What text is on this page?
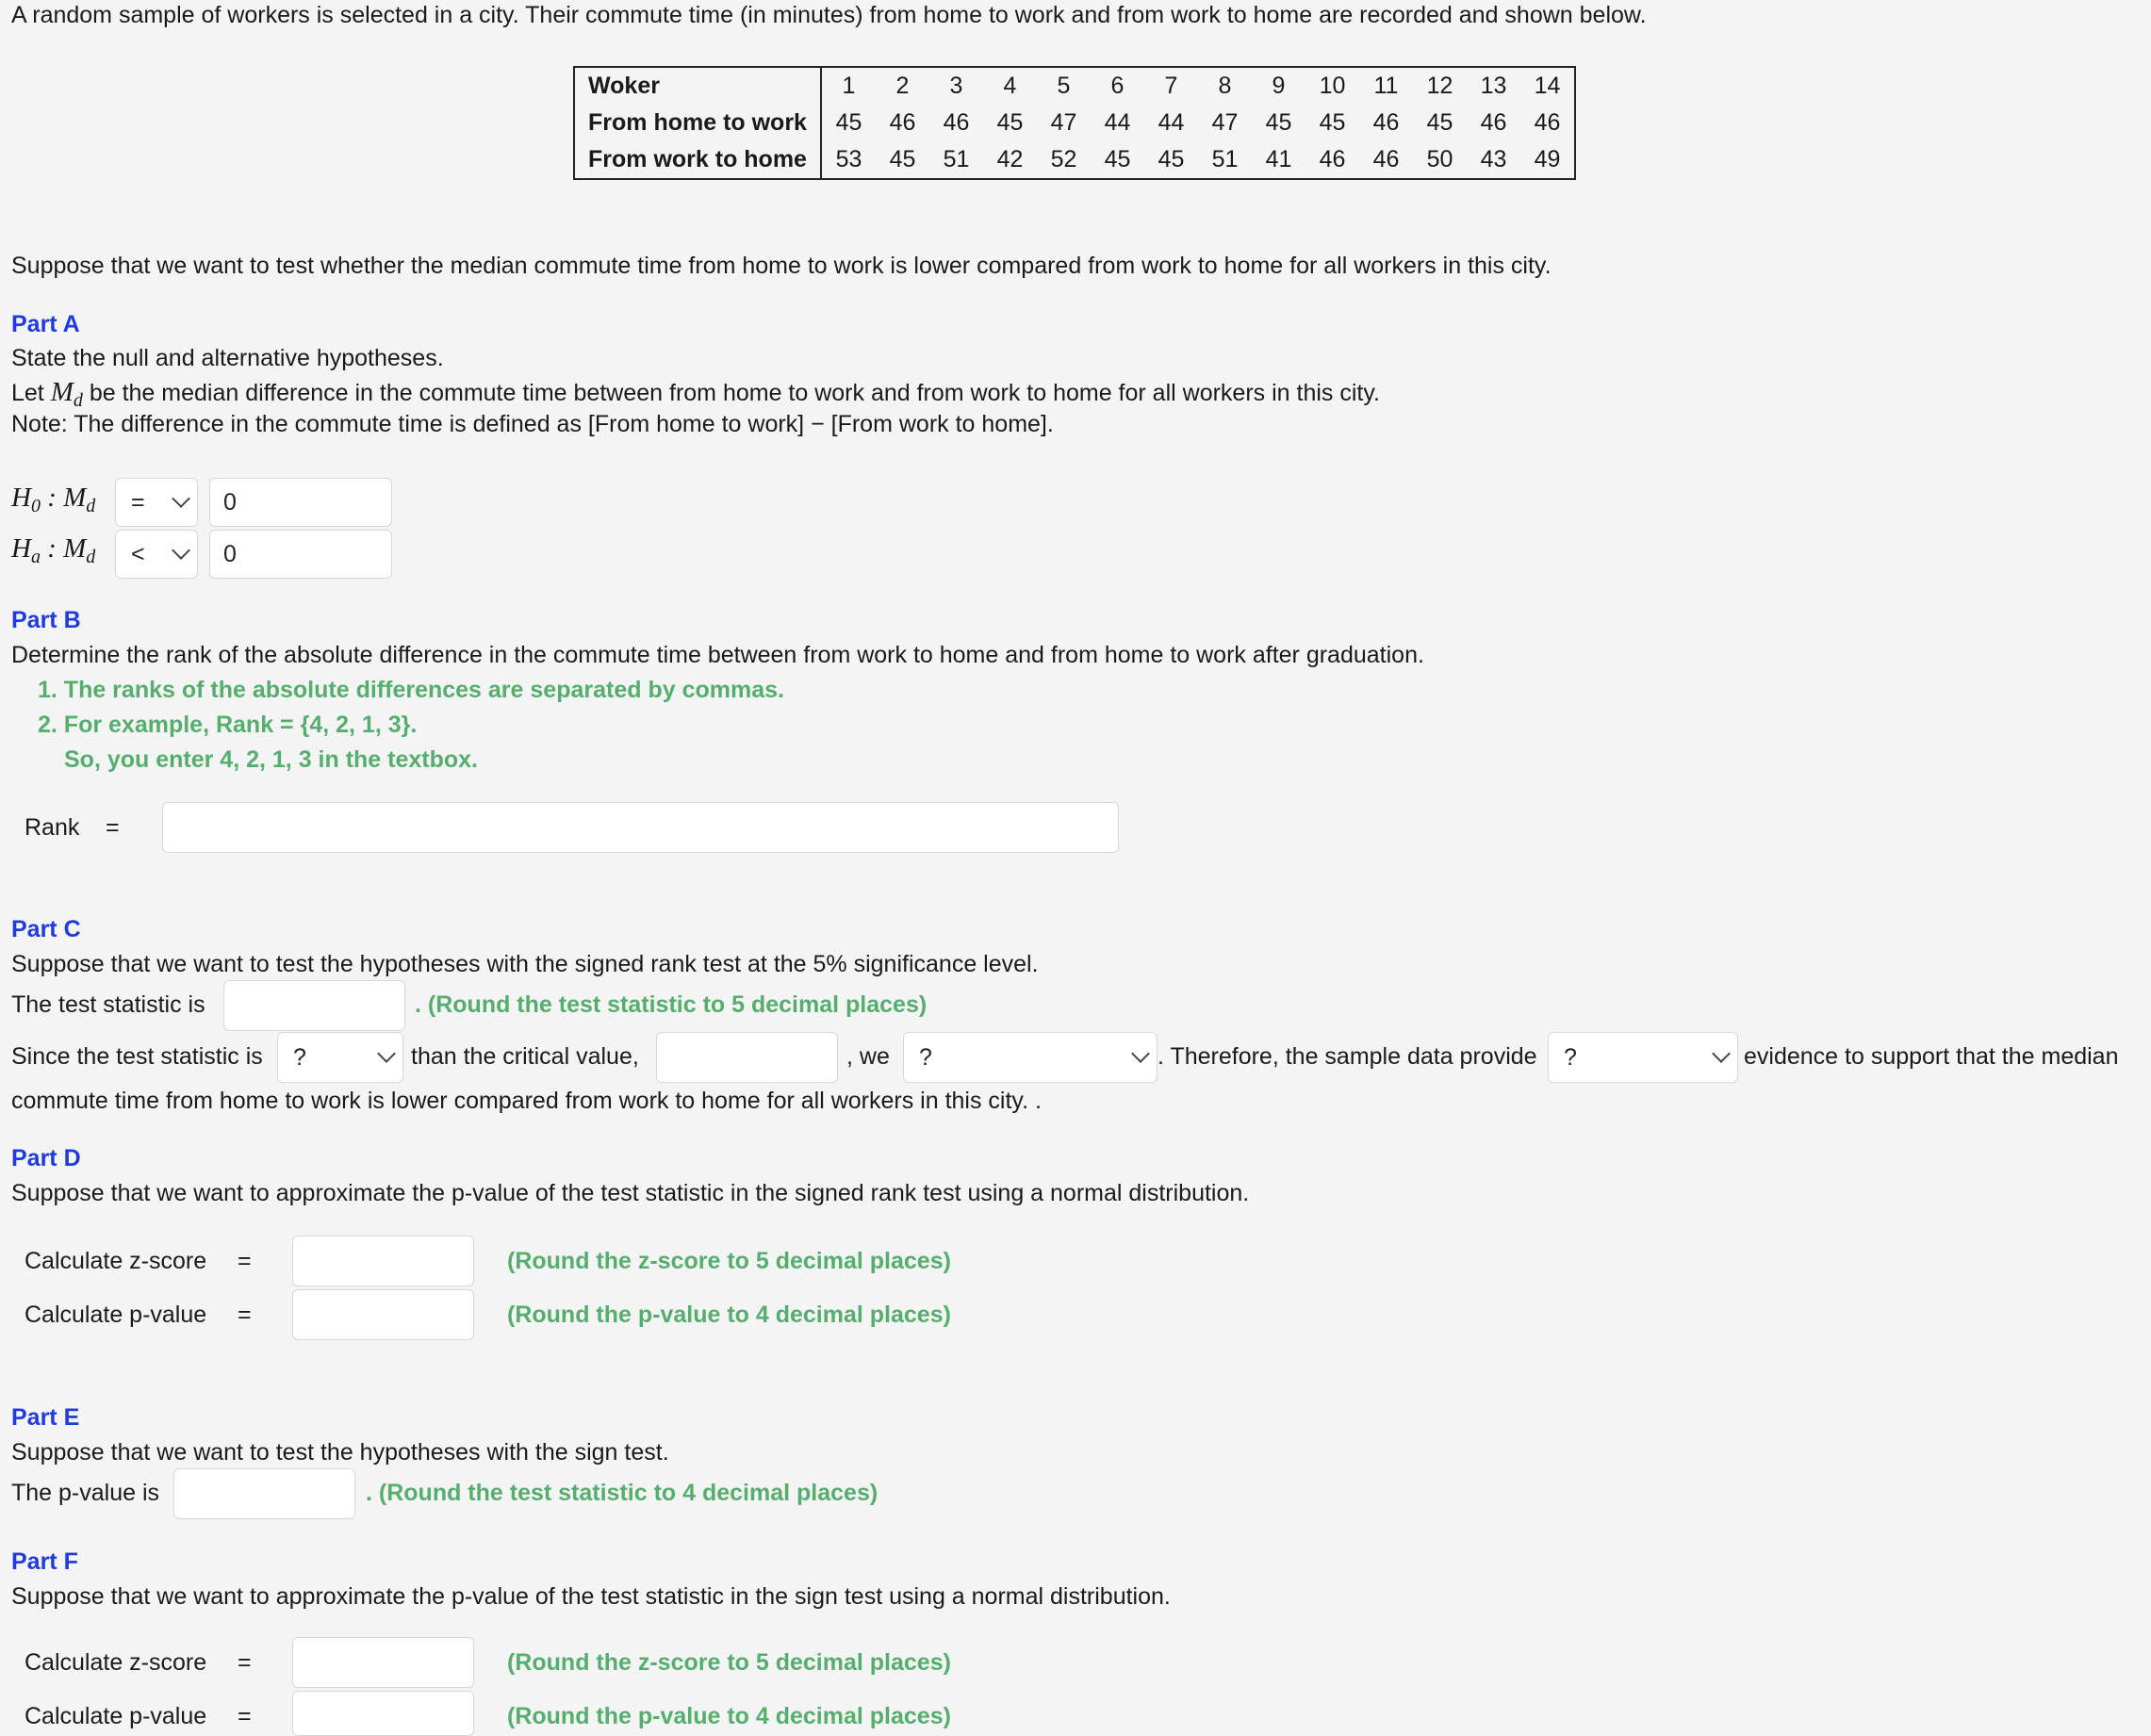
A random sample of workers is selected in a city. Their commute time (in minutes) from home to work and from work to home are recorded and shown below.
Woker	1	2	3	4	5	6	7	8	9	10	11	12	13	14
From home to work	45	46	46	45	47	44	44	47	45	45	46	45	46	46
From work to home	53	45	51	42	52	45	45	51	41	46	46	50	43	49
Suppose that we want to test whether the median commute time from home to work is lower compared from work to home for all workers in this city.
Part A
State the null and alternative hypotheses.
Let $M_d$ be the median difference in the commute time between from home to work and from work to home for all workers in this city.
Note: The difference in the commute time is defined as [From home to work] − [From work to home].
$H_0$ : $M_d$ =	0
$H_a$ : $M_d$ <	0
Part B
Determine the rank of the absolute difference in the commute time between from work to home and from home to work after graduation.
1. The ranks of the absolute differences are separated by commas.
2. For example, Rank = {4, 2, 1, 3}.
So, you enter 4, 2, 1, 3 in the textbox.
Rank =
Part C
Suppose that we want to test the hypotheses with the signed rank test at the 5% significance level.
The test statistic is	. (Round the test statistic to 5 decimal places)
Since the test statistic is ?	than the critical value,	, we ?	. Therefore, the sample data provide ?	evidence to support that the median
commute time from home to work is lower compared from work to home for all workers in this city. .
Part D
Suppose that we want to approximate the p-value of the test statistic in the signed rank test using a normal distribution.
Calculate z-score =	(Round the z-score to 5 decimal places)
Calculate p-value =	(Round the p-value to 4 decimal places)
Part E
Suppose that we want to test the hypotheses with the sign test.
The p-value is	. (Round the test statistic to 4 decimal places)
Part F
Suppose that we want to approximate the p-value of the test statistic in the sign test using a normal distribution.
Calculate z-score =	(Round the z-score to 5 decimal places)
Calculate p-value =	(Round the p-value to 4 decimal places)
